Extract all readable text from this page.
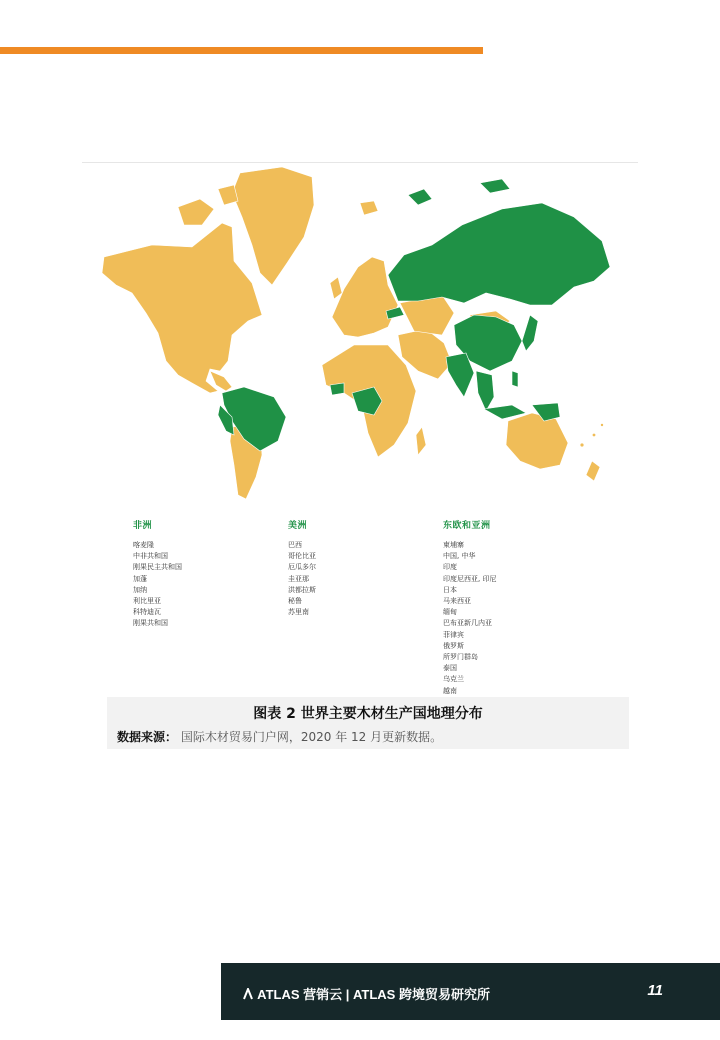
非洲
喀麦隆
中非共和国
刚果民主共和国
加蓬
加纳
利比里亚
科特迪瓦
刚果共和国
美洲
巴西
哥伦比亚
厄瓜多尔
圭亚那
洪都拉斯
秘鲁
苏里南
东欧和亚洲
柬埔寨
中国, 中华
印度
印度尼西亚, 印尼
日本
马来西亚
缅甸
巴布亚新几内亚
菲律宾
俄罗斯
所罗门群岛
泰国
乌克兰
越南
图表 2 世界主要木材生产国地理分布
数据来源： 国际木材贸易门户网，2020 年 12 月更新数据。
ATLAS 营销云 | ATLAS 跨境贸易研究所	11
